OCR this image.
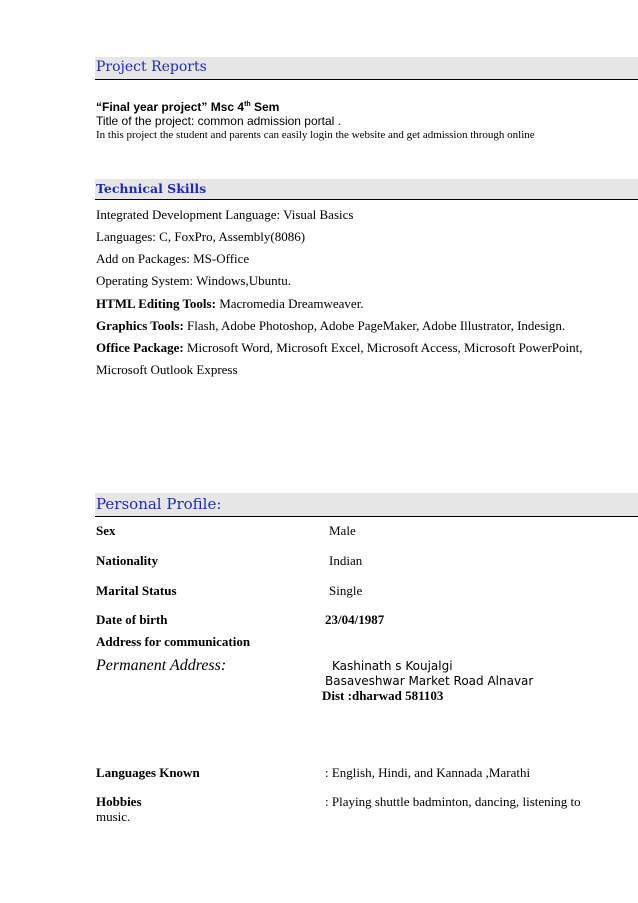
Project Reports
“Final year project” Msc 4th Sem
Title of the project: common admission portal .
In this project the student and parents can easily login the website and get admission through online
Technical Skills
Integrated Development Language: Visual Basics
Languages: C, FoxPro, Assembly(8086)
Add on Packages: MS-Office
Operating System: Windows,Ubuntu.
HTML Editing Tools: Macromedia Dreamweaver.
Graphics Tools: Flash, Adobe Photoshop, Adobe PageMaker, Adobe Illustrator, Indesign.
Office Package: Microsoft Word, Microsoft Excel, Microsoft Access, Microsoft PowerPoint,
Microsoft Outlook Express
Personal Profile:
Sex	Male
Nationality	Indian
Marital Status	Single
Date of birth	23/04/1987
Address for communication
Permanent Address:	Kashinath s Koujalgi
Basaveshwar Market Road Alnavar
Dist :dharwad 581103
Languages Known	: English, Hindi, and Kannada ,Marathi
Hobbies	: Playing shuttle badminton, dancing, listening to
music.
